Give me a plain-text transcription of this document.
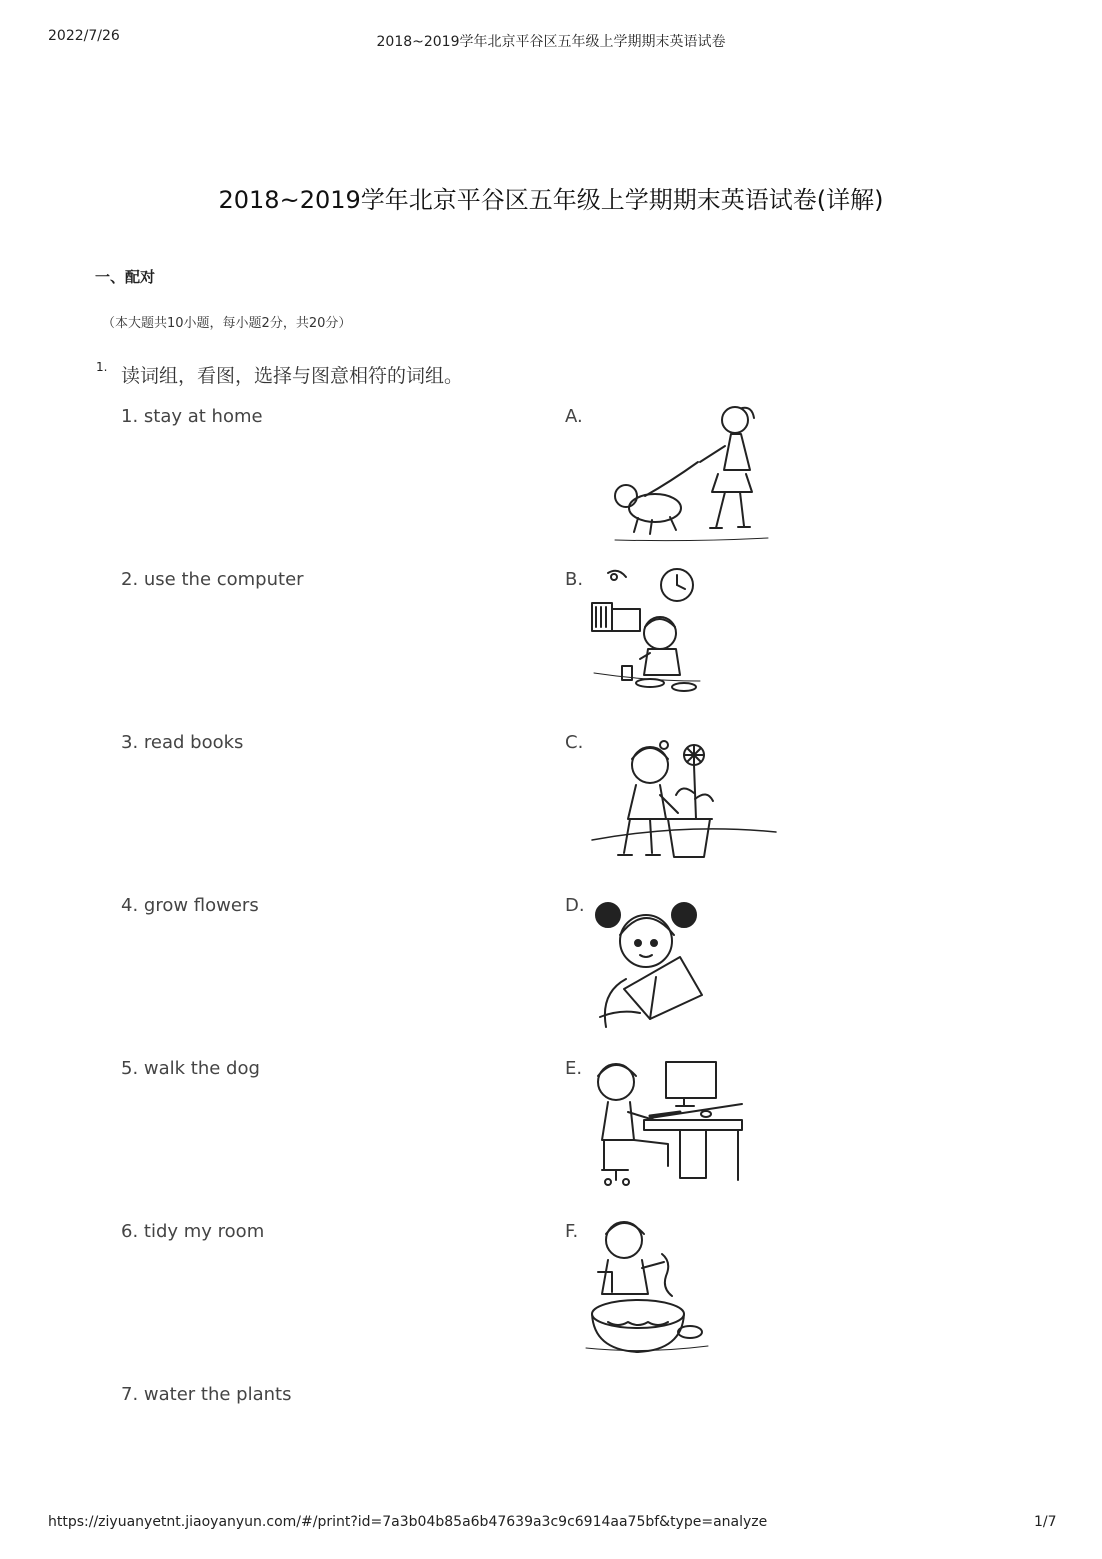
2022/7/26	2018~2019学年北京平谷区五年级上学期期末英语试卷
2018~2019学年北京平谷区五年级上学期期末英语试卷(详解)
一、配对
（本大题共10小题，每小题2分，共20分）
1. 读词组，看图，选择与图意相符的词组。
1. stay at home
2. use the computer
3. read books
4. grow flowers
5. walk the dog
6. tidy my room
7. water the plants
A.
B.
C.
D.
E.
F.
https://ziyuanyetnt.jiaoyanyun.com/#/print?id=7a3b04b85a6b47639a3c9c6914aa75bf&type=analyze	1/7
